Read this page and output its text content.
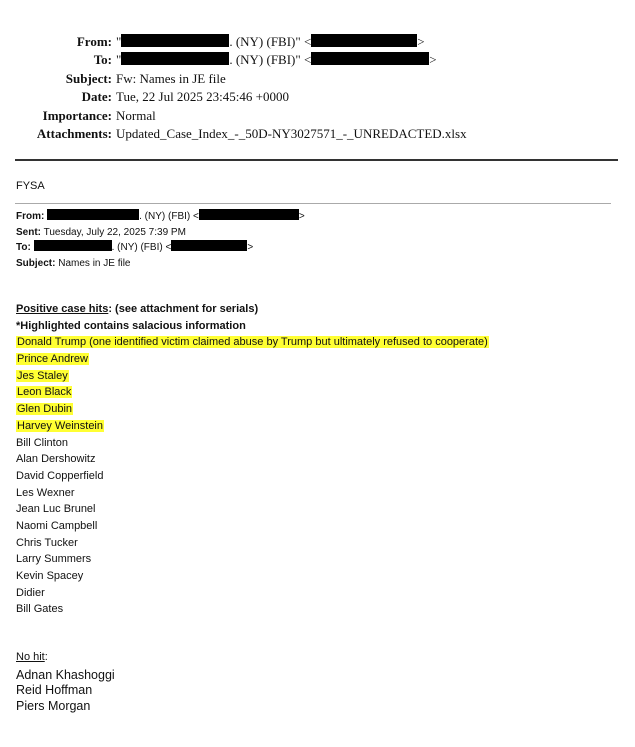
From: "	. (NY) (FBI)" <	>
To: "	. (NY) (FBI)" <	>
Subject: Fw: Names in JE file
Date: Tue, 22 Jul 2025 23:45:46 +0000
Importance: Normal
Attachments: Updated_Case_Index_-_50D-NY3027571_-_UNREDACTED.xlsx
FYSA
From:	. (NY) (FBI) <	>
Sent: Tuesday, July 22, 2025 7:39 PM
To:	. (NY) (FBI) <	>
Subject: Names in JE file
Positive case hits: (see attachment for serials)
*Highlighted contains salacious information
Donald Trump (one identified victim claimed abuse by Trump but ultimately refused to cooperate)
Prince Andrew
Jes Staley
Leon Black
Glen Dubin
Harvey Weinstein
Bill Clinton
Alan Dershowitz
David Copperfield
Les Wexner
Jean Luc Brunel
Naomi Campbell
Chris Tucker
Larry Summers
Kevin Spacey
Didier
Bill Gates
No hit:
Adnan Khashoggi
Reid Hoffman
Piers Morgan
